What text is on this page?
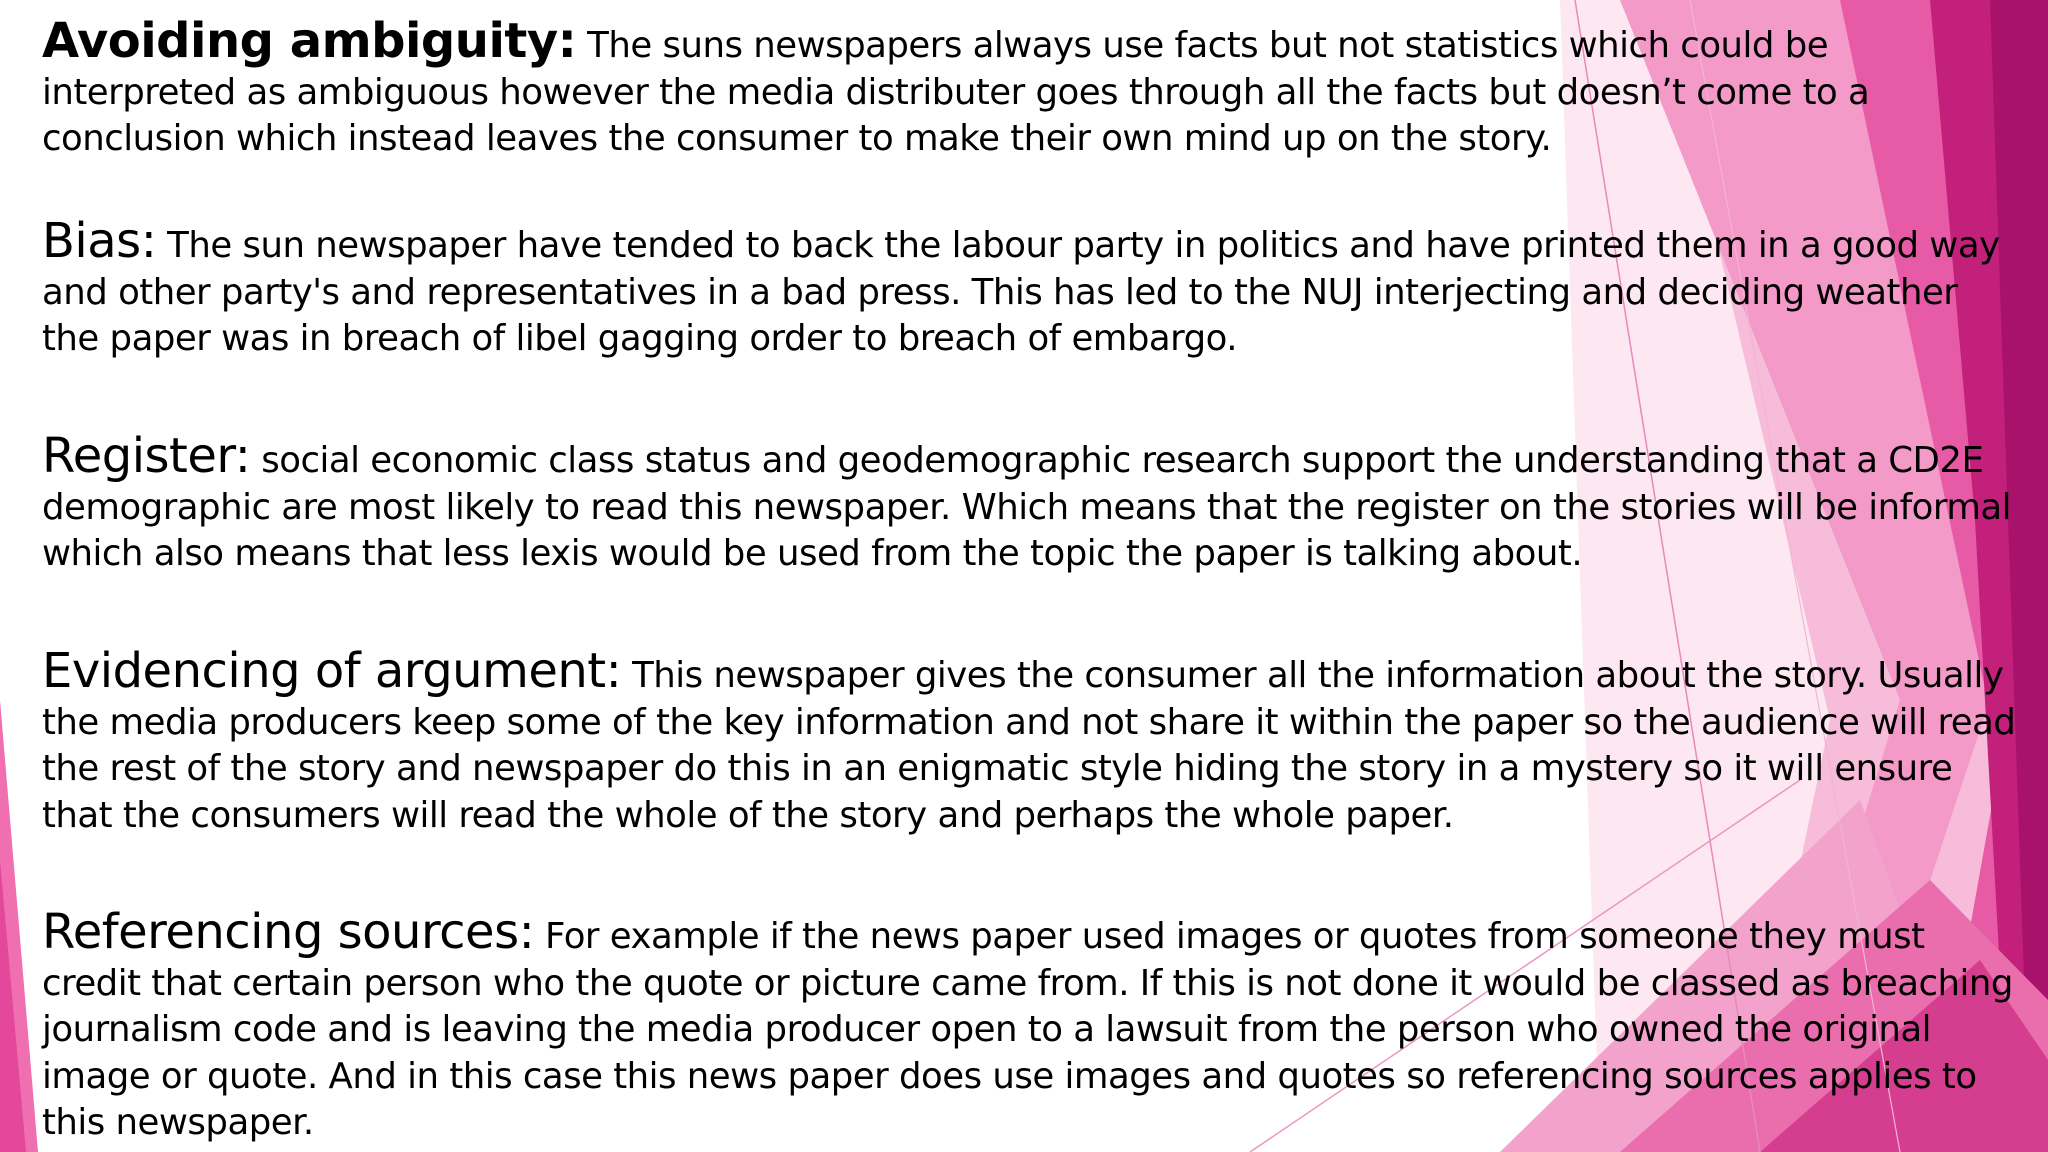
Avoiding ambiguity: The suns newspapers always use facts but not statistics which could be interpreted as ambiguous however the media distributer goes through all the facts but doesn’t come to a conclusion which instead leaves the consumer to make their own mind up on the story.

Bias: The sun newspaper have tended to back the labour party in politics and have printed them in a good way and other party's and representatives in a bad press. This has led to the NUJ interjecting and deciding weather the paper was in breach of libel gagging order to breach of embargo.

Register: social economic class status and geodemographic research support the understanding that a CD2E demographic are most likely to read this newspaper. Which means that the register on the stories will be informal which also means that less lexis would be used from the topic the paper is talking about.

Evidencing of argument: This newspaper gives the consumer all the information about the story. Usually the media producers keep some of the key information and not share it within the paper so the audience will read the rest of the story and newspaper do this in an enigmatic style hiding the story in a mystery so it will ensure that the consumers will read the whole of the story and perhaps the whole paper.

Referencing sources: For example if the news paper used images or quotes from someone they must credit that certain person who the quote or picture came from. If this is not done it would be classed as breaching journalism code and is leaving the media producer open to a lawsuit from the person who owned the original image or quote. And in this case this news paper does use images and quotes so referencing sources applies to this newspaper.
